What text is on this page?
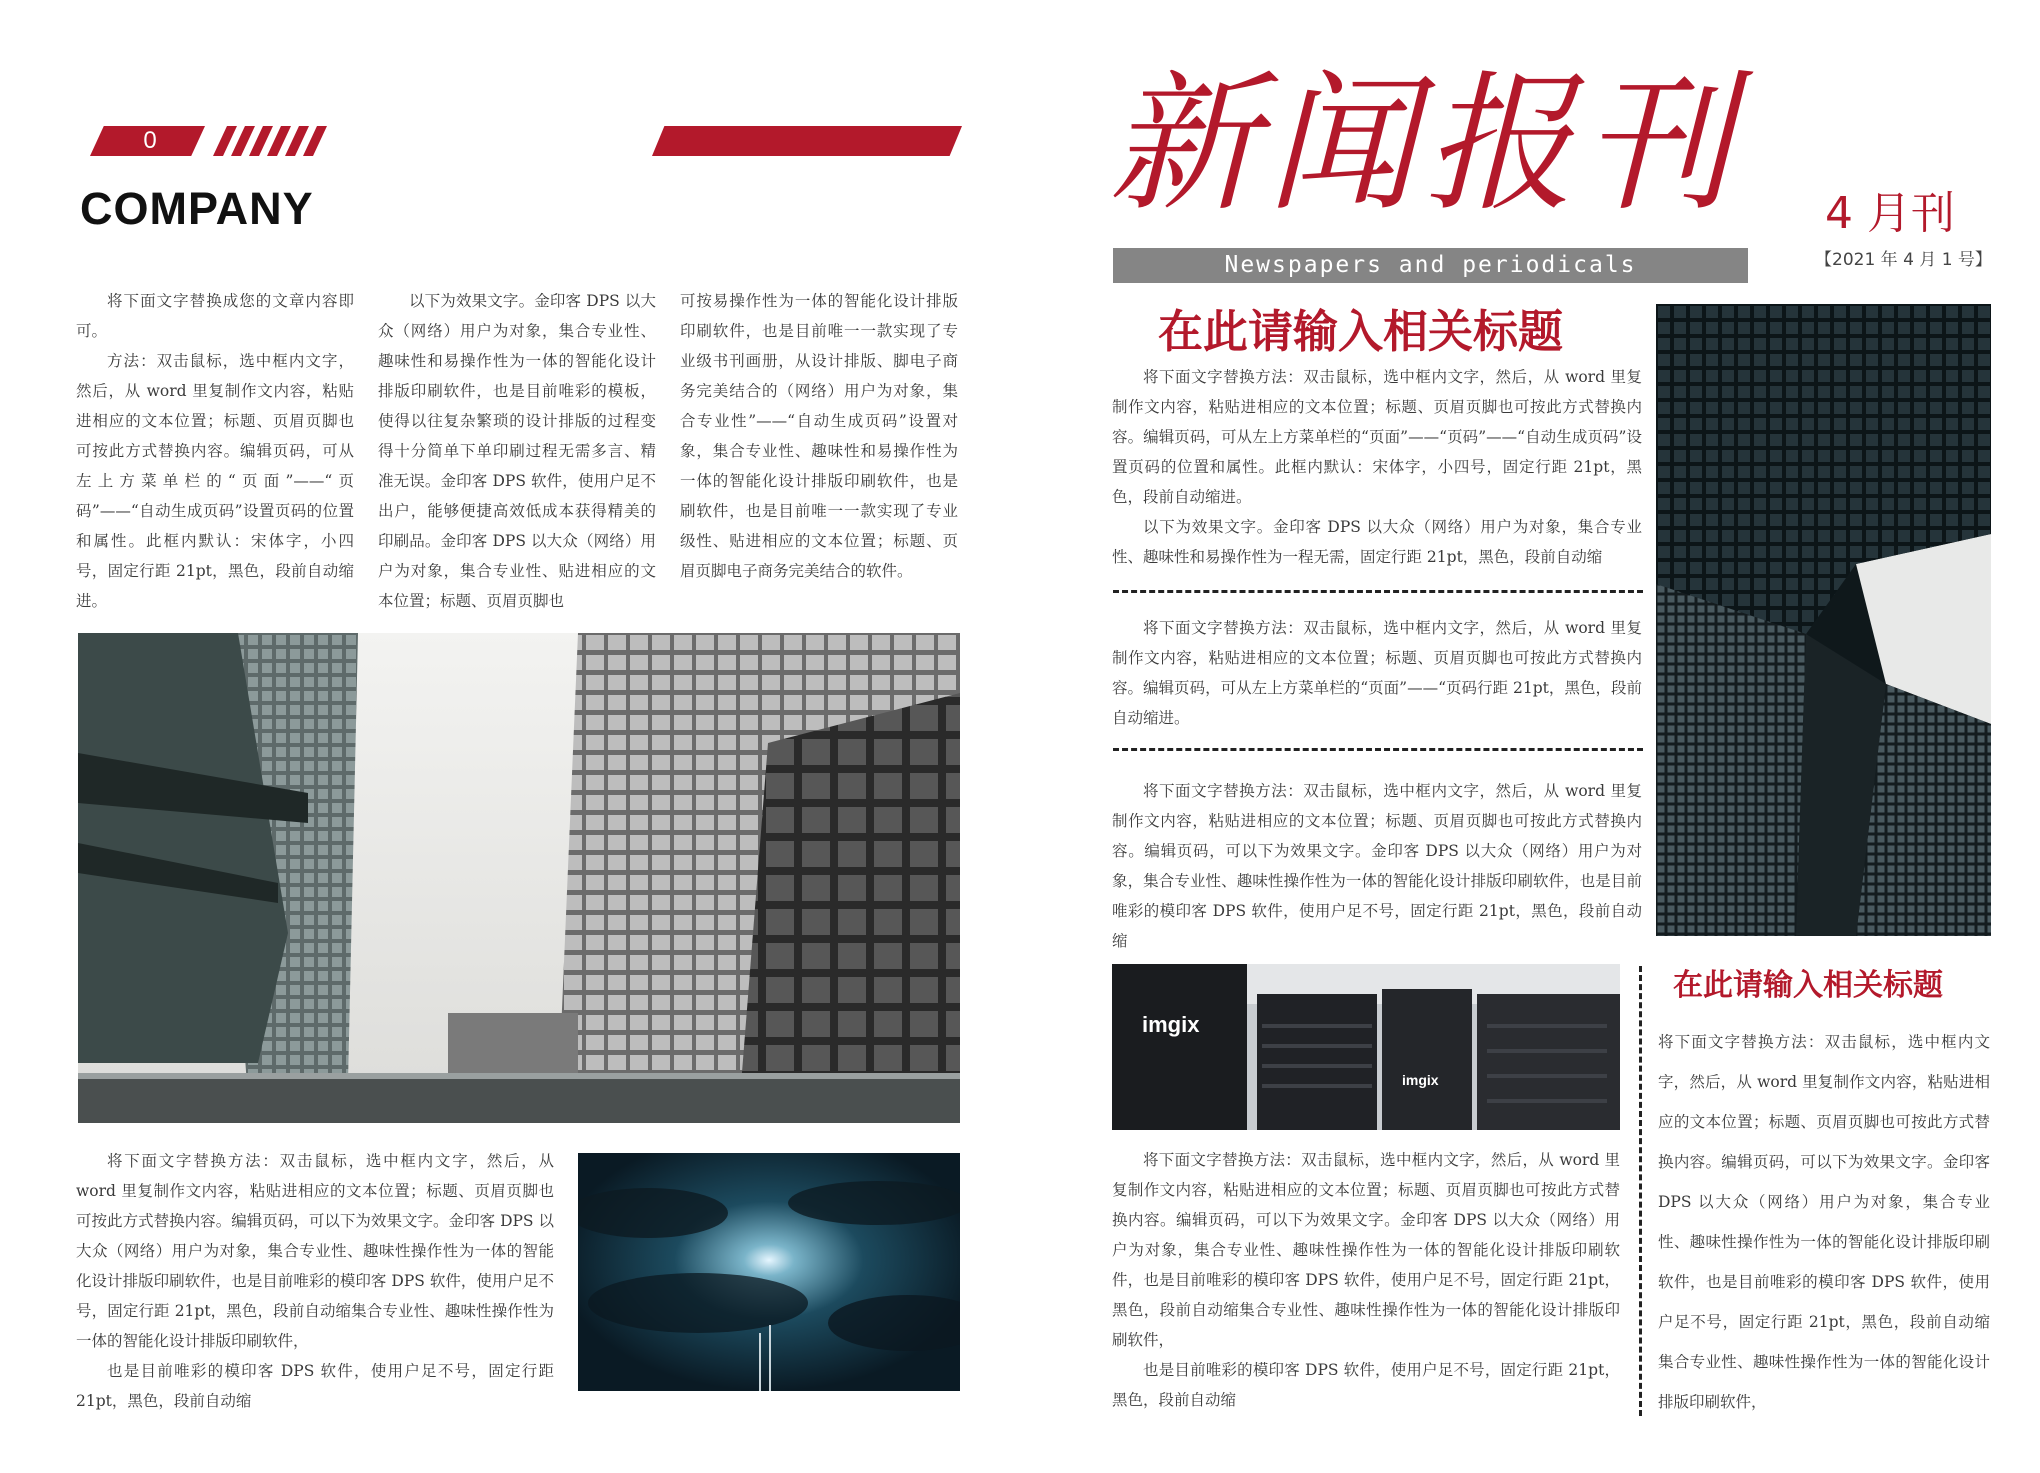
0
COMPANY

将下面文字替换成您的文章内容即可。

方法：双击鼠标，选中框内文字，然后，从 word 里复制作文内容，粘贴进相应的文本位置；标题、页眉页脚也可按此方式替换内容。编辑页码，可从左上方菜单栏的“页面”——“页码”——“自动生成页码”设置页码的位置和属性。此框内默认：宋体字，小四号，固定行距 21pt，黑色，段前自动缩进。

以下为效果文字。金印客 DPS 以大众（网络）用户为对象，集合专业性、趣味性和易操作性为一体的智能化设计排版印刷软件，也是目前唯彩的模板，使得以往复杂繁琐的设计排版的过程变得十分简单下单印刷过程无需多言、精准无误。金印客 DPS 软件，使用户足不出户，能够便捷高效低成本获得精美的印刷品。金印客 DPS 以大众（网络）用户为对象，集合专业性、贴进相应的文本位置；标题、页眉页脚也

可按易操作性为一体的智能化设计排版印刷软件，也是目前唯一一款实现了专业级书刊画册，从设计排版、脚电子商务完美结合的（网络）用户为对象，集合专业性”——“自动生成页码”设置对象，集合专业性、趣味性和易操作性为一体的智能化设计排版印刷软件，也是刷软件，也是目前唯一一款实现了专业级性、贴进相应的文本位置；标题、页眉页脚电子商务完美结合的软件。

将下面文字替换方法：双击鼠标，选中框内文字，然后，从 word 里复制作文内容，粘贴进相应的文本位置；标题、页眉页脚也可按此方式替换内容。编辑页码，可以下为效果文字。金印客 DPS 以大众（网络）用户为对象，集合专业性、趣味性操作性为一体的智能化设计排版印刷软件，也是目前唯彩的模印客 DPS 软件，使用户足不号，固定行距 21pt，黑色，段前自动缩集合专业性、趣味性操作性为一体的智能化设计排版印刷软件，

也是目前唯彩的模印客 DPS 软件，使用户足不号，固定行距 21pt，黑色，段前自动缩

新闻报刊 4 月刊
Newspapers and periodicals	【2021 年 4 月 1 号】
在此请输入相关标题

将下面文字替换方法：双击鼠标，选中框内文字，然后，从 word 里复制作文内容，粘贴进相应的文本位置；标题、页眉页脚也可按此方式替换内容。编辑页码，可从左上方菜单栏的“页面”——“页码”——“自动生成页码”设置页码的位置和属性。此框内默认：宋体字，小四号，固定行距 21pt，黑色，段前自动缩进。

以下为效果文字。金印客 DPS 以大众（网络）用户为对象，集合专业性、趣味性和易操作性为一程无需，固定行距 21pt，黑色，段前自动缩

将下面文字替换方法：双击鼠标，选中框内文字，然后，从 word 里复制作文内容，粘贴进相应的文本位置；标题、页眉页脚也可按此方式替换内容。编辑页码，可从左上方菜单栏的“页面”——“页码行距 21pt，黑色，段前自动缩进。

将下面文字替换方法：双击鼠标，选中框内文字，然后，从 word 里复制作文内容，粘贴进相应的文本位置；标题、页眉页脚也可按此方式替换内容。编辑页码，可以下为效果文字。金印客 DPS 以大众（网络）用户为对象，集合专业性、趣味性操作性为一体的智能化设计排版印刷软件，也是目前唯彩的模印客 DPS 软件，使用户足不号，固定行距 21pt，黑色，段前自动缩

imgix
imgix

将下面文字替换方法：双击鼠标，选中框内文字，然后，从 word 里复制作文内容，粘贴进相应的文本位置；标题、页眉页脚也可按此方式替换内容。编辑页码，可以下为效果文字。金印客 DPS 以大众（网络）用户为对象，集合专业性、趣味性操作性为一体的智能化设计排版印刷软件，也是目前唯彩的模印客 DPS 软件，使用户足不号，固定行距 21pt，黑色，段前自动缩集合专业性、趣味性操作性为一体的智能化设计排版印刷软件，

也是目前唯彩的模印客 DPS 软件，使用户足不号，固定行距 21pt，黑色，段前自动缩

在此请输入相关标题

将下面文字替换方法：双击鼠标，选中框内文字，然后，从 word 里复制作文内容，粘贴进相应的文本位置；标题、页眉页脚也可按此方式替换内容。编辑页码，可以下为效果文字。金印客 DPS 以大众（网络）用户为对象，集合专业性、趣味性操作性为一体的智能化设计排版印刷软件，也是目前唯彩的模印客 DPS 软件，使用户足不号，固定行距 21pt，黑色，段前自动缩集合专业性、趣味性操作性为一体的智能化设计排版印刷软件，
